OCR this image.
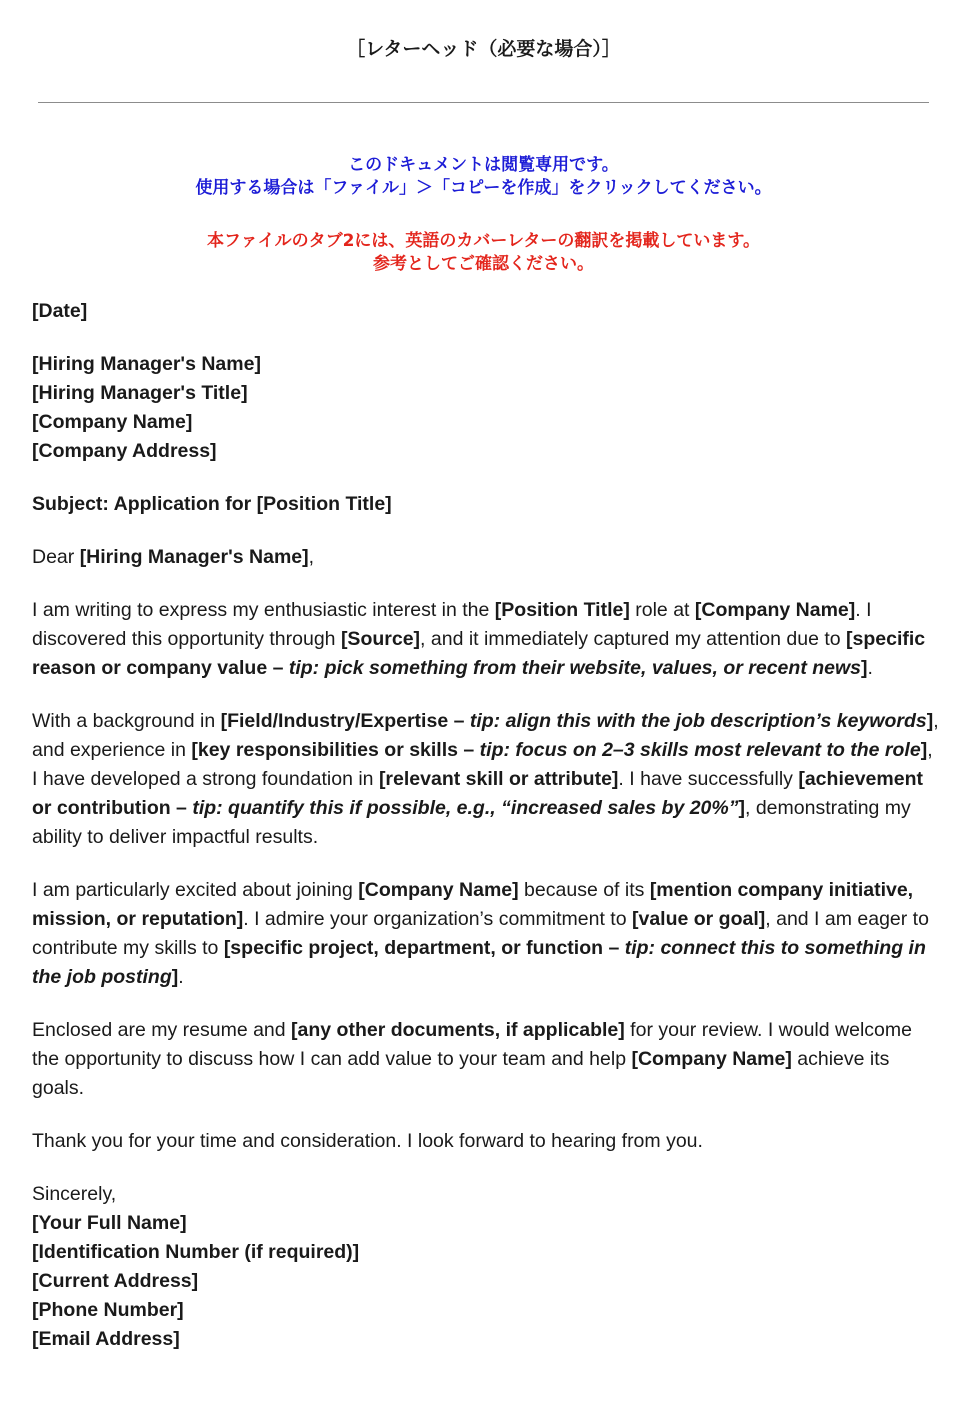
［レターヘッド（必要な場合）］
このドキュメントは閲覧専用です。
使用する場合は「ファイル」＞「コピーを作成」をクリックしてください。
本ファイルのタブ2には、英語のカバーレターの翻訳を掲載しています。
参考としてご確認ください。
[Date]
[Hiring Manager's Name]
[Hiring Manager's Title]
[Company Name]
[Company Address]
Subject: Application for [Position Title]

Dear [Hiring Manager's Name],

I am writing to express my enthusiastic interest in the [Position Title] role at [Company Name]. I discovered this opportunity through [Source], and it immediately captured my attention due to [specific reason or company value – tip: pick something from their website, values, or recent news].

With a background in [Field/Industry/Expertise – tip: align this with the job description’s keywords], and experience in [key responsibilities or skills – tip: focus on 2–3 skills most relevant to the role], I have developed a strong foundation in [relevant skill or attribute]. I have successfully [achievement or contribution – tip: quantify this if possible, e.g., “increased sales by 20%”], demonstrating my ability to deliver impactful results.

I am particularly excited about joining [Company Name] because of its [mention company initiative, mission, or reputation]. I admire your organization’s commitment to [value or goal], and I am eager to contribute my skills to [specific project, department, or function – tip: connect this to something in the job posting].

Enclosed are my resume and [any other documents, if applicable] for your review. I would welcome the opportunity to discuss how I can add value to your team and help [Company Name] achieve its goals.

Thank you for your time and consideration. I look forward to hearing from you.

Sincerely,
[Your Full Name]
[Identification Number (if required)]
[Current Address]
[Phone Number]
[Email Address]
